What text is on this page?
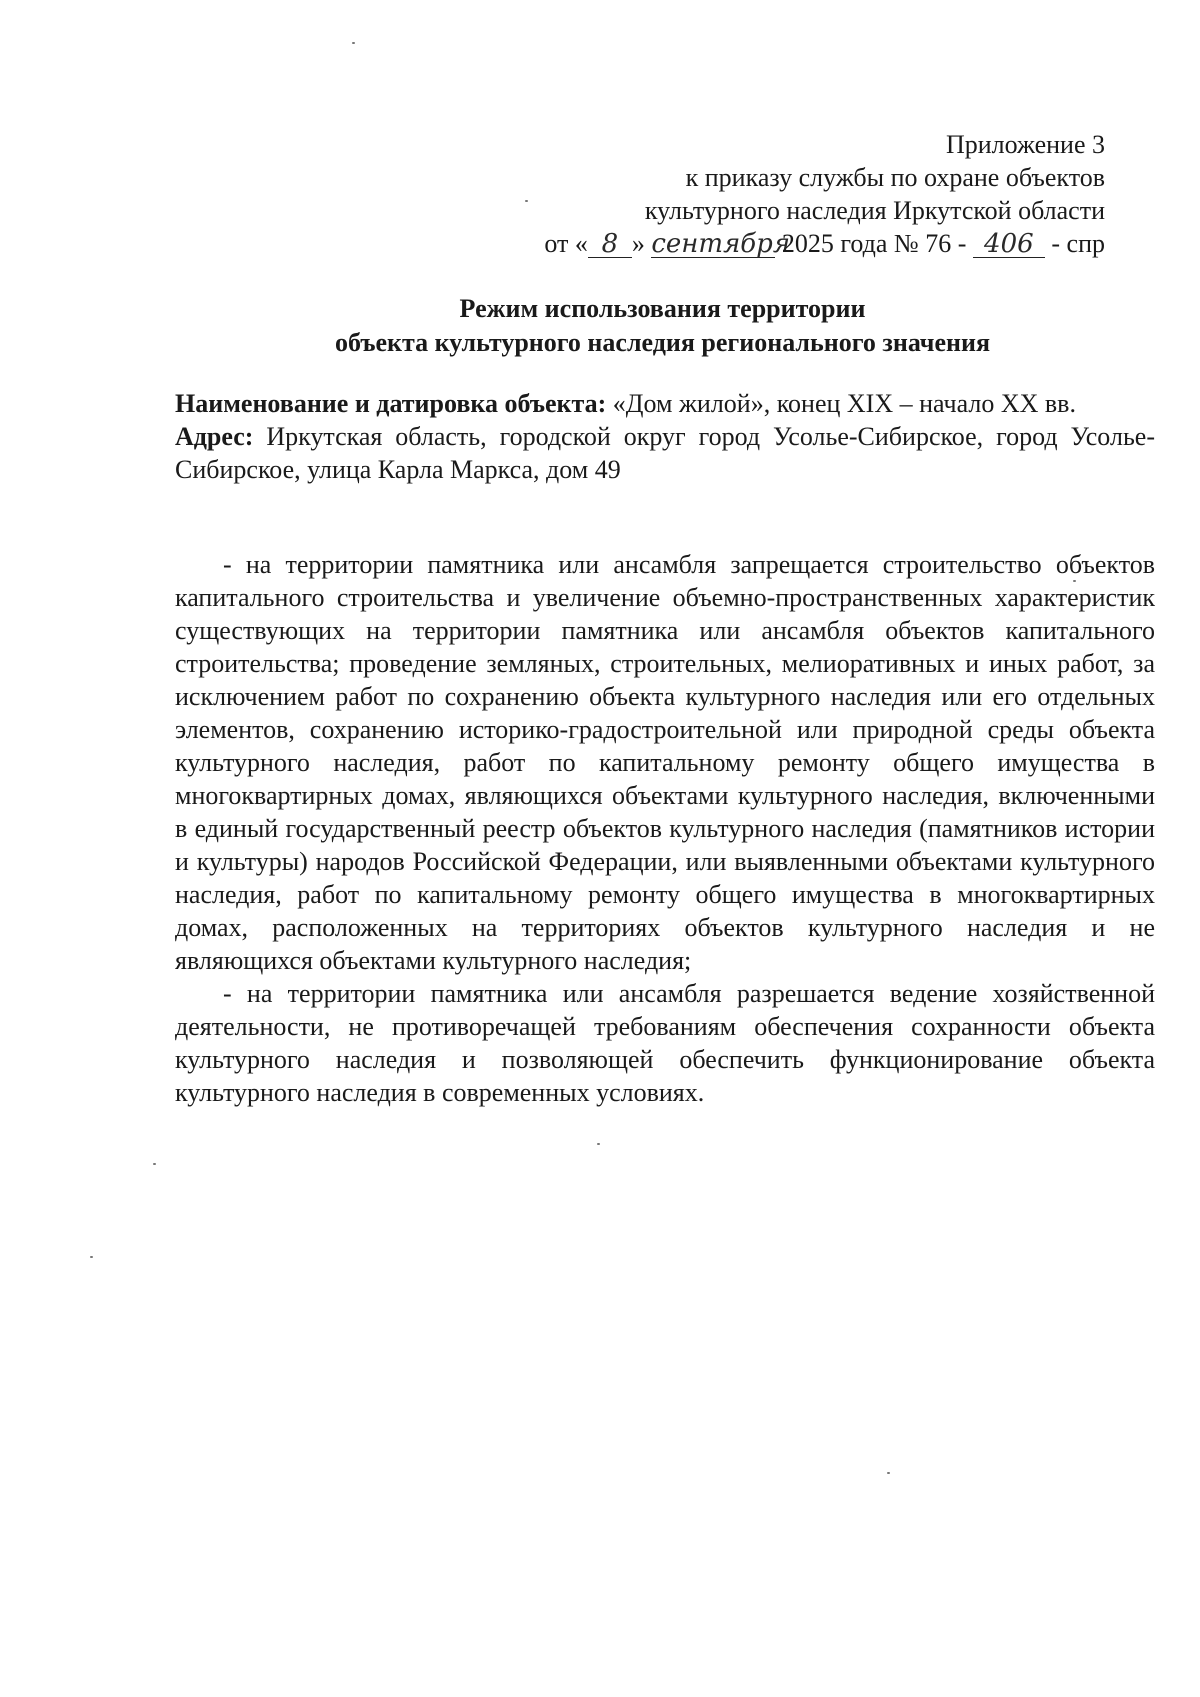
Приложение 3
к приказу службы по охране объектов
культурного наследия Иркутской области
от « 8 » сентября 2025 года № 76 - 406 - спр
Режим использования территории
объекта культурного наследия регионального значения

Наименование и датировка объекта: «Дом жилой», конец XIX – начало XX вв.

Адрес: Иркутская область, городской округ город Усолье-Сибирское, город Усолье-Сибирское, улица Карла Маркса, дом 49

- на территории памятника или ансамбля запрещается строительство объектов капитального строительства и увеличение объемно-пространственных характеристик существующих на территории памятника или ансамбля объектов капитального строительства; проведение земляных, строительных, мелиоративных и иных работ, за исключением работ по сохранению объекта культурного наследия или его отдельных элементов, сохранению историко-градостроительной или природной среды объекта культурного наследия, работ по капитальному ремонту общего имущества в многоквартирных домах, являющихся объектами культурного наследия, включенными в единый государственный реестр объектов культурного наследия (памятников истории и культуры) народов Российской Федерации, или выявленными объектами культурного наследия, работ по капитальному ремонту общего имущества в многоквартирных домах, расположенных на территориях объектов культурного наследия и не являющихся объектами культурного наследия;

- на территории памятника или ансамбля разрешается ведение хозяйственной деятельности, не противоречащей требованиям обеспечения сохранности объекта культурного наследия и позволяющей обеспечить функционирование объекта культурного наследия в современных условиях.
